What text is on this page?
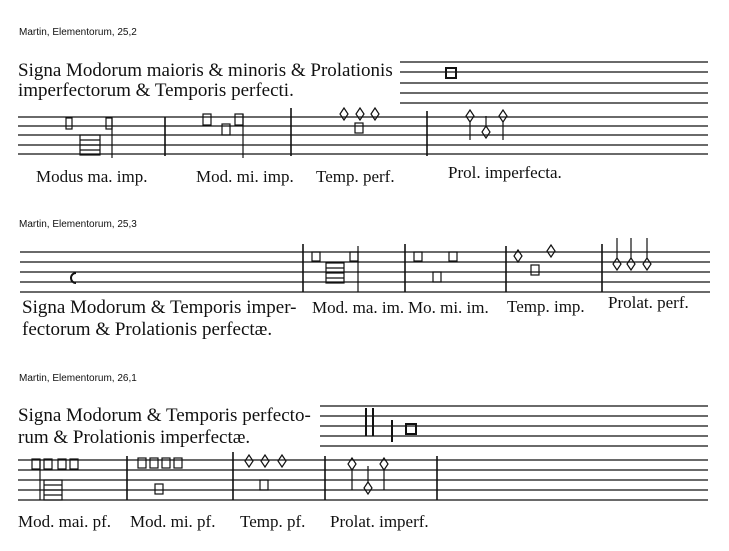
Martin, Elementorum, 25,2
Signa Modorum maioris & minoris & Prolationis
imperfectorum & Temporis perfecti.
Modus ma. imp.	Mod. mi. imp. Temp. perf.	Prol. imperfecta.
Martin, Elementorum, 25,3
Signa Modorum & Temporis imper-
fectorum & Prolationis perfectæ.
Mod. ma. im. Mo. mi. im. Temp. imp. Prolat. perf.
Martin, Elementorum, 26,1
Signa Modorum & Temporis perfecto-
rum & Prolationis imperfectæ.
Mod. mai. pf. Mod. mi. pf. Temp. pf. Prolat. imperf.
